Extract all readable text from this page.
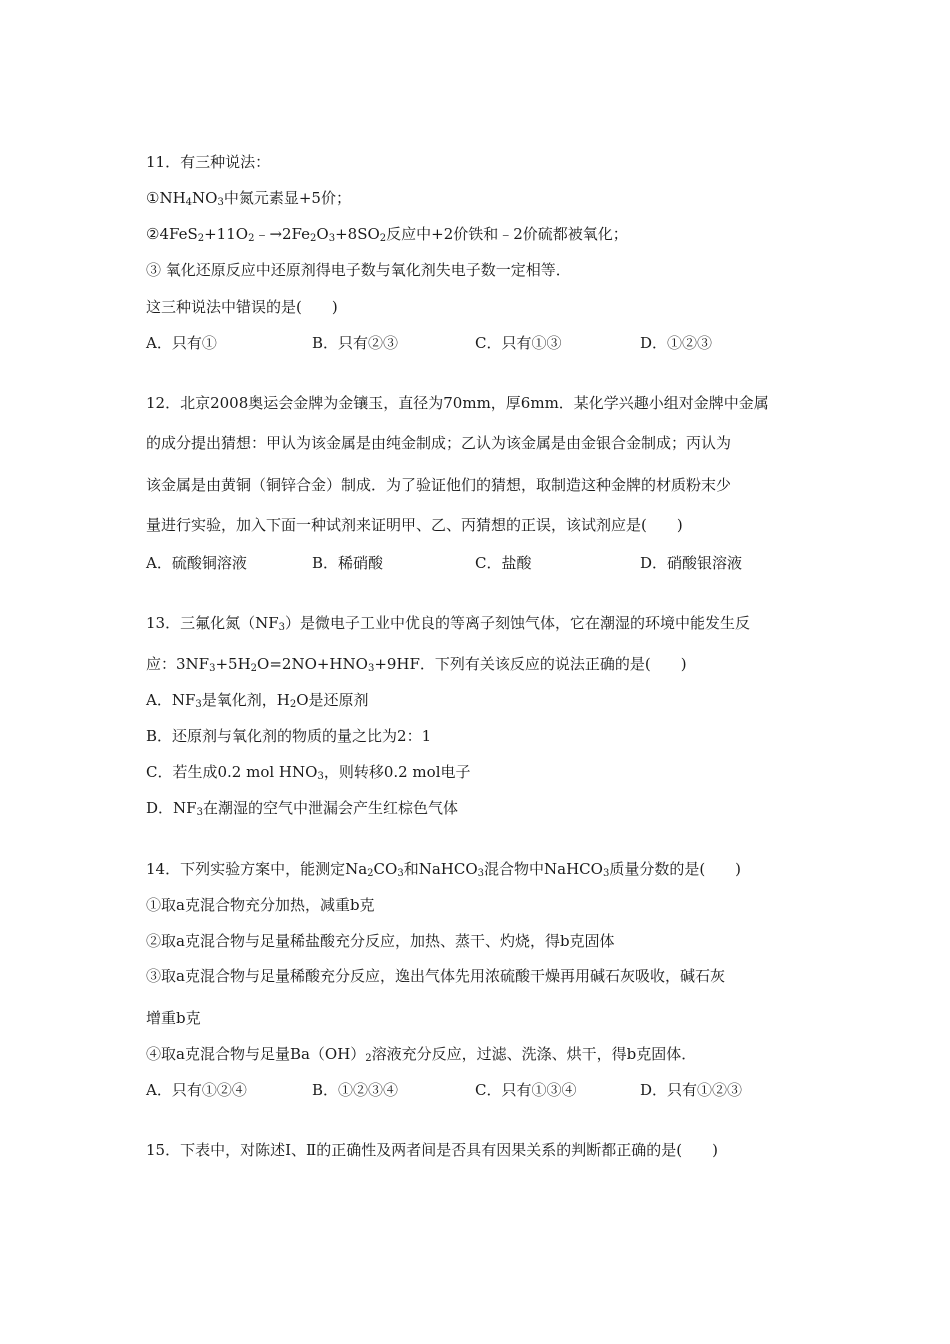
11．有三种说法：
$①NH_4NO_3$中氮元素显+5价；
$②4FeS_2+11O_2﹣\to 2Fe_2O_3+8SO_2$反应中+2价铁和﹣2价硫都被氧化；
③ 氧化还原反应中还原剂得电子数与氧化剂失电子数一定相等．
这三种说法中错误的是(　　)
A．只有①	B．只有②③	C．只有①③	D．①②③
12．北京2008奥运会金牌为金镶玉，直径为70mm，厚6mm．某化学兴趣小组对金牌中金属
的成分提出猜想：甲认为该金属是由纯金制成；乙认为该金属是由金银合金制成；丙认为
该金属是由黄铜（铜锌合金）制成．为了验证他们的猜想，取制造这种金牌的材质粉末少
量进行实验，加入下面一种试剂来证明甲、乙、丙猜想的正误，该试剂应是(　　)
A．硫酸铜溶液	B．稀硝酸	C．盐酸	D．硝酸银溶液
13．三氟化氮$(NF_3)$是微电子工业中优良的等离子刻蚀气体，它在潮湿的环境中能发生反
应：$3NF_3+5H_2O=2NO+HNO_3+9HF$．下列有关该反应的说法正确的是(　　)
A．$NF_3$是氧化剂，$H_2O$是还原剂
B．还原剂与氧化剂的物质的量之比为2：1
C．若生成0.2 mol $HNO_3$，则转移0.2 mol电子
D．$NF_3$在潮湿的空气中泄漏会产生红棕色气体
14．下列实验方案中，能测定$Na_2CO_3$和NaHCO$_3$混合物中NaHCO$_3$质量分数的是(　　)
①取a克混合物充分加热，减重b克
②取a克混合物与足量稀盐酸充分反应，加热、蒸干、灼烧，得b克固体
③取a克混合物与足量稀酸充分反应，逸出气体先用浓硫酸干燥再用碱石灰吸收，碱石灰
增重b克
④取a克混合物与足量$Ba(OH)_2$溶液充分反应，过滤、洗涤、烘干，得b克固体．
A．只有①②④	B．①②③④	C．只有①③④	D．只有①②③
15．下表中，对陈述Ⅰ、Ⅱ的正确性及两者间是否具有因果关系的判断都正确的是(　　)
